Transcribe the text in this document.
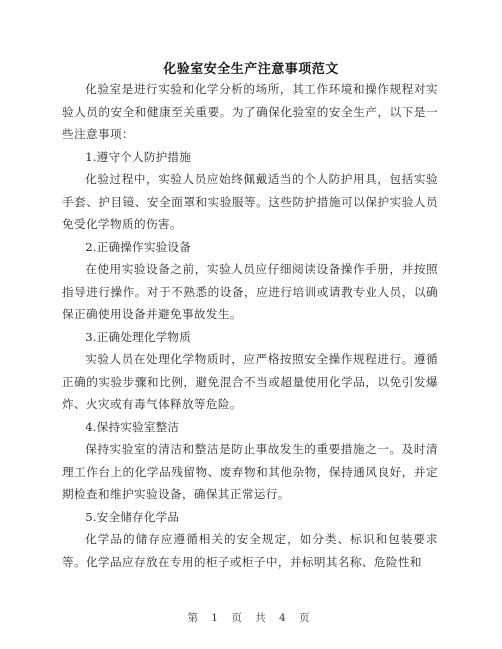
化验室安全生产注意事项范文

化验室是进行实验和化学分析的场所，其工作环境和操作规程对实验人员的安全和健康至关重要。为了确保化验室的安全生产，以下是一些注意事项：

1.遵守个人防护措施

化验过程中，实验人员应始终佩戴适当的个人防护用具，包括实验手套、护目镜、安全面罩和实验服等。这些防护措施可以保护实验人员免受化学物质的伤害。

2.正确操作实验设备

在使用实验设备之前，实验人员应仔细阅读设备操作手册，并按照指导进行操作。对于不熟悉的设备，应进行培训或请教专业人员，以确保正确使用设备并避免事故发生。

3.正确处理化学物质

实验人员在处理化学物质时，应严格按照安全操作规程进行。遵循正确的实验步骤和比例，避免混合不当或超量使用化学品，以免引发爆炸、火灾或有毒气体释放等危险。

4.保持实验室整洁

保持实验室的清洁和整洁是防止事故发生的重要措施之一。及时清理工作台上的化学品残留物、废弃物和其他杂物，保持通风良好，并定期检查和维护实验设备，确保其正常运行。

5.安全储存化学品

化学品的储存应遵循相关的安全规定，如分类、标识和包装要求等。化学品应存放在专用的柜子或柜子中，并标明其名称、危险性和

第 1 页 共 4 页
